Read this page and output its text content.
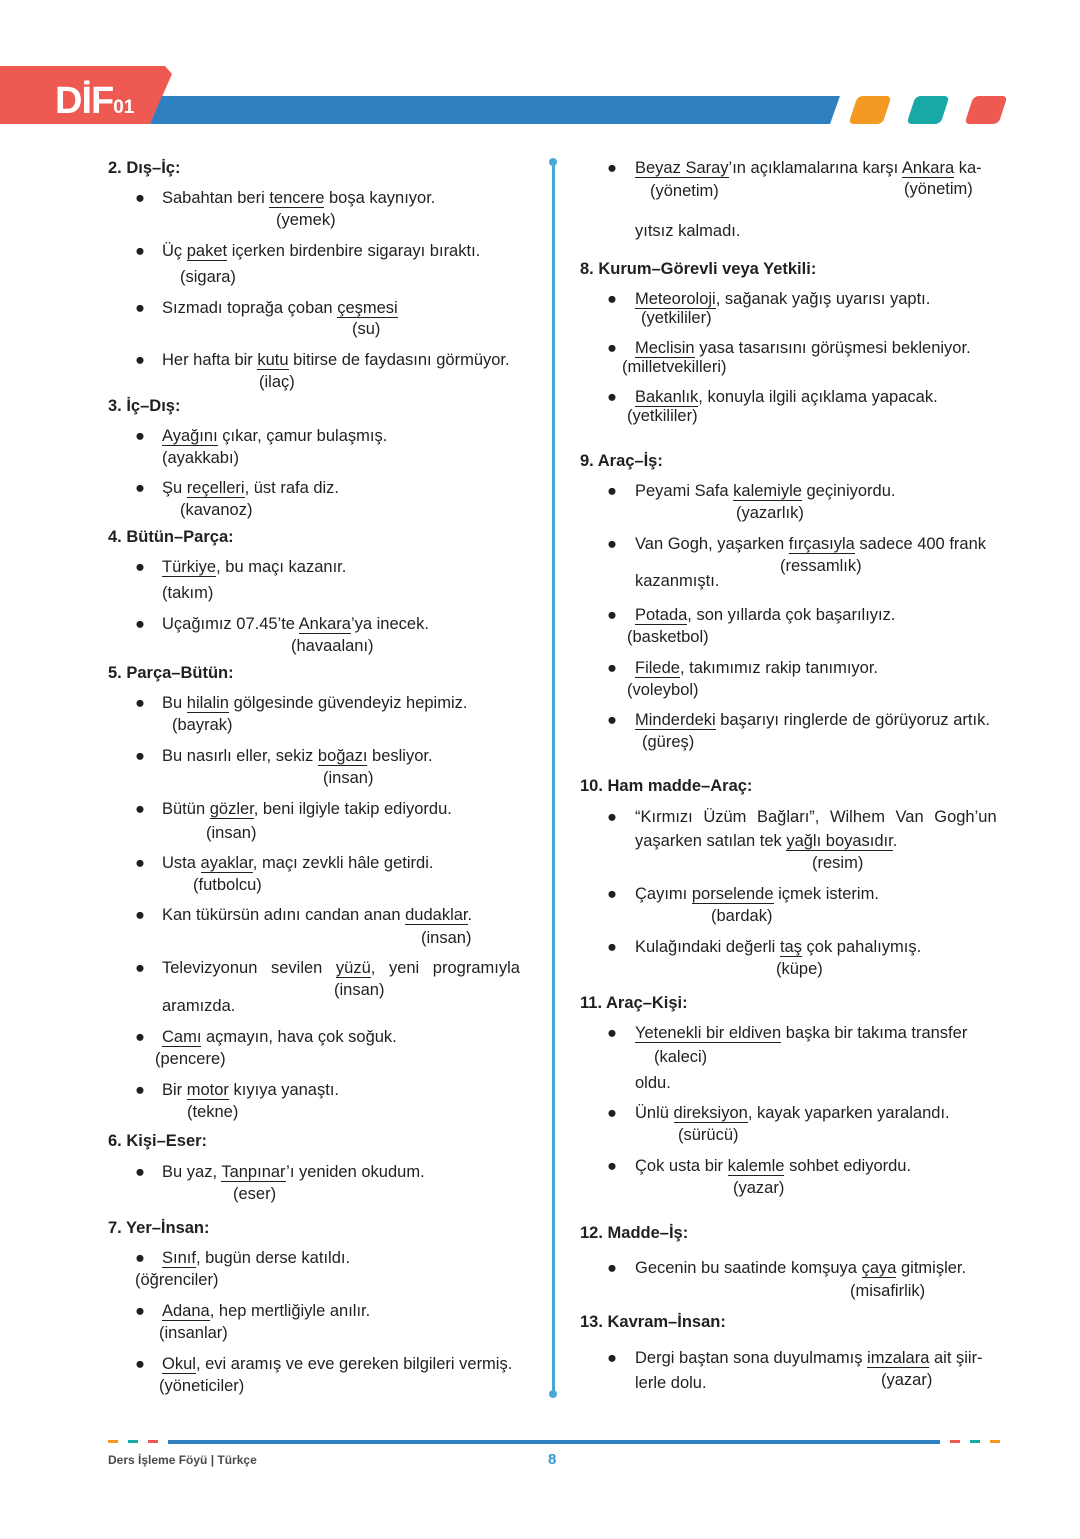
DİF01
2. Dış–İç:
● Sabahtan beri tencere boşa kaynıyor.
(yemek)
● Üç paket içerken birdenbire sigarayı bıraktı.
(sigara)
● Sızmadı toprağa çoban çeşmesi
(su)
● Her hafta bir kutu bitirse de faydasını görmüyor.
(ilaç)
3. İç–Dış:
● Ayağını çıkar, çamur bulaşmış.
(ayakkabı)
● Şu reçelleri, üst rafa diz.
(kavanoz)
4. Bütün–Parça:
● Türkiye, bu maçı kazanır.
(takım)
● Uçağımız 07.45’te Ankara’ya inecek.
(havaalanı)
5. Parça–Bütün:
● Bu hilalin gölgesinde güvendeyiz hepimiz.
(bayrak)
● Bu nasırlı eller, sekiz boğazı besliyor.
(insan)
● Bütün gözler, beni ilgiyle takip ediyordu.
(insan)
● Usta ayaklar, maçı zevkli hâle getirdi.
(futbolcu)
● Kan tükürsün adını candan anan dudaklar.
(insan)
● Televizyonun sevilen yüzü, yeni programıyla
(insan)
aramızda.
● Camı açmayın, hava çok soğuk.
(pencere)
● Bir motor kıyıya yanaştı.
(tekne)
6. Kişi–Eser:
● Bu yaz, Tanpınar’ı yeniden okudum.
(eser)
7. Yer–İnsan:
● Sınıf, bugün derse katıldı.
(öğrenciler)
● Adana, hep mertliğiyle anılır.
(insanlar)
● Okul, evi aramış ve eve gereken bilgileri vermiş.
(yöneticiler)
● Beyaz Saray’ın açıklamalarına karşı Ankara ka-
(yönetim)	(yönetim)
yıtsız kalmadı.
8. Kurum–Görevli veya Yetkili:
● Meteoroloji, sağanak yağış uyarısı yaptı.
(yetkililer)
● Meclisin yasa tasarısını görüşmesi bekleniyor.
(milletvekilleri)
● Bakanlık, konuyla ilgili açıklama yapacak.
(yetkililer)
9. Araç–İş:
● Peyami Safa kalemiyle geçiniyordu.
(yazarlık)
● Van Gogh, yaşarken fırçasıyla sadece 400 frank
(ressamlık)
kazanmıştı.
● Potada, son yıllarda çok başarılıyız.
(basketbol)
● Filede, takımımız rakip tanımıyor.
(voleybol)
● Minderdeki başarıyı ringlerde de görüyoruz artık.
(güreş)
10. Ham madde–Araç:
● “Kırmızı Üzüm Bağları”, Wilhem Van Gogh’un
yaşarken satılan tek yağlı boyasıdır.
(resim)
● Çayımı porselende içmek isterim.
(bardak)
● Kulağındaki değerli taş çok pahalıymış.
(küpe)
11. Araç–Kişi:
● Yetenekli bir eldiven başka bir takıma transfer
(kaleci)
oldu.
● Ünlü direksiyon, kayak yaparken yaralandı.
(sürücü)
● Çok usta bir kalemle sohbet ediyordu.
(yazar)
12. Madde–İş:
● Gecenin bu saatinde komşuya çaya gitmişler.
(misafirlik)
13. Kavram–İnsan:
● Dergi baştan sona duyulmamış imzalara ait şiir-
(yazar)
lerle dolu.
Ders İşleme Föyü | Türkçe	8
